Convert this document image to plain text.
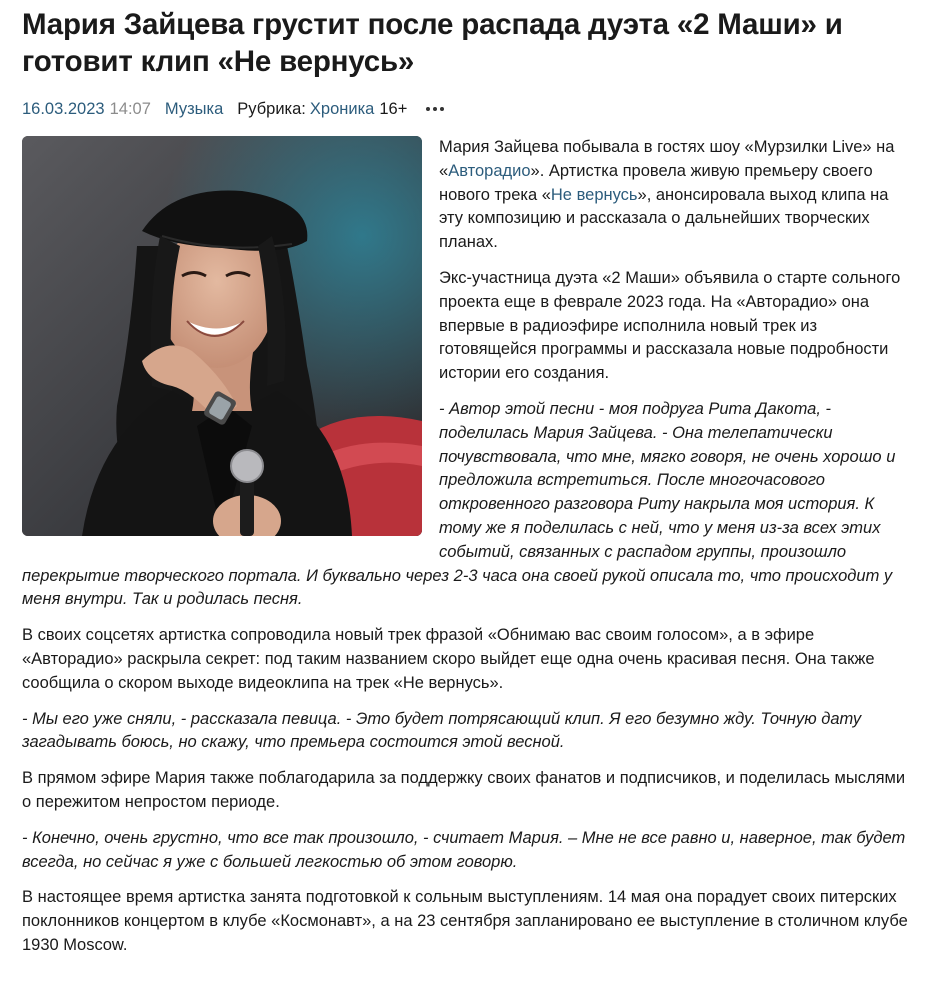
Мария Зайцева грустит после распада дуэта «2 Маши» и готовит клип «Не вернусь»
16.03.2023 14:07 Музыка Рубрика: Хроника 16+

Мария Зайцева побывала в гостях шоу «Мурзилки Live» на «Авторадио». Артистка провела живую премьеру своего нового трека «Не вернусь», анонсировала выход клипа на эту композицию и рассказала о дальнейших творческих планах.

Экс-участница дуэта «2 Маши» объявила о старте сольного проекта еще в феврале 2023 года. На «Авторадио» она впервые в радиоэфире исполнила новый трек из готовящейся программы и рассказала новые подробности истории его создания.

- Автор этой песни - моя подруга Рита Дакота, - поделилась Мария Зайцева. - Она телепатически почувствовала, что мне, мягко говоря, не очень хорошо и предложила встретиться. После многочасового откровенного разговора Риту накрыла моя история. К тому же я поделилась с ней, что у меня из-за всех этих событий, связанных с распадом группы, произошло перекрытие творческого портала. И буквально через 2-3 часа она своей рукой описала то, что происходит у меня внутри. Так и родилась песня.

В своих соцсетях артистка сопроводила новый трек фразой «Обнимаю вас своим голосом», а в эфире «Авторадио» раскрыла секрет: под таким названием скоро выйдет еще одна очень красивая песня. Она также сообщила о скором выходе видеоклипа на трек «Не вернусь».

- Мы его уже сняли, - рассказала певица. - Это будет потрясающий клип. Я его безумно жду. Точную дату загадывать боюсь, но скажу, что премьера состоится этой весной.

В прямом эфире Мария также поблагодарила за поддержку своих фанатов и подписчиков, и поделилась мыслями о пережитом непростом периоде.

- Конечно, очень грустно, что все так произошло, - считает Мария. – Мне не все равно и, наверное, так будет всегда, но сейчас я уже с большей легкостью об этом говорю.

В настоящее время артистка занята подготовкой к сольным выступлениям. 14 мая она порадует своих питерских поклонников концертом в клубе «Космонавт», а на 23 сентября запланировано ее выступление в столичном клубе 1930 Moscow.
